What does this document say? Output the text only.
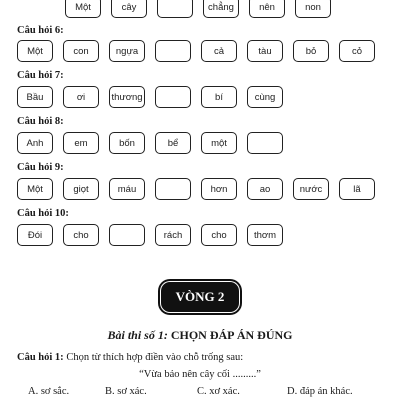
Một	cây	chẳng	nên	non
Câu hỏi 6:
Một	con	ngựa	cả	tàu	bỏ	cỏ
Câu hỏi 7:
Bầu	ơi	thương	bí	cùng
Câu hỏi 8:
Anh	em	bốn	bể	một
Câu hỏi 9:
Một	giọt	máu	hơn	ao	nước	lã
Câu hỏi 10:
Đói	cho	rách	cho	thơm
VÒNG 2
Bài thi số 1: CHỌN ĐÁP ÁN ĐÚNG
Câu hỏi 1: Chọn từ thích hợp điền vào chỗ trống sau:
“Vừa bảo nên cây cối .........”
A. sơ sắc.	B. sơ xác.	C. xơ xác.	D. đáp án khác.
